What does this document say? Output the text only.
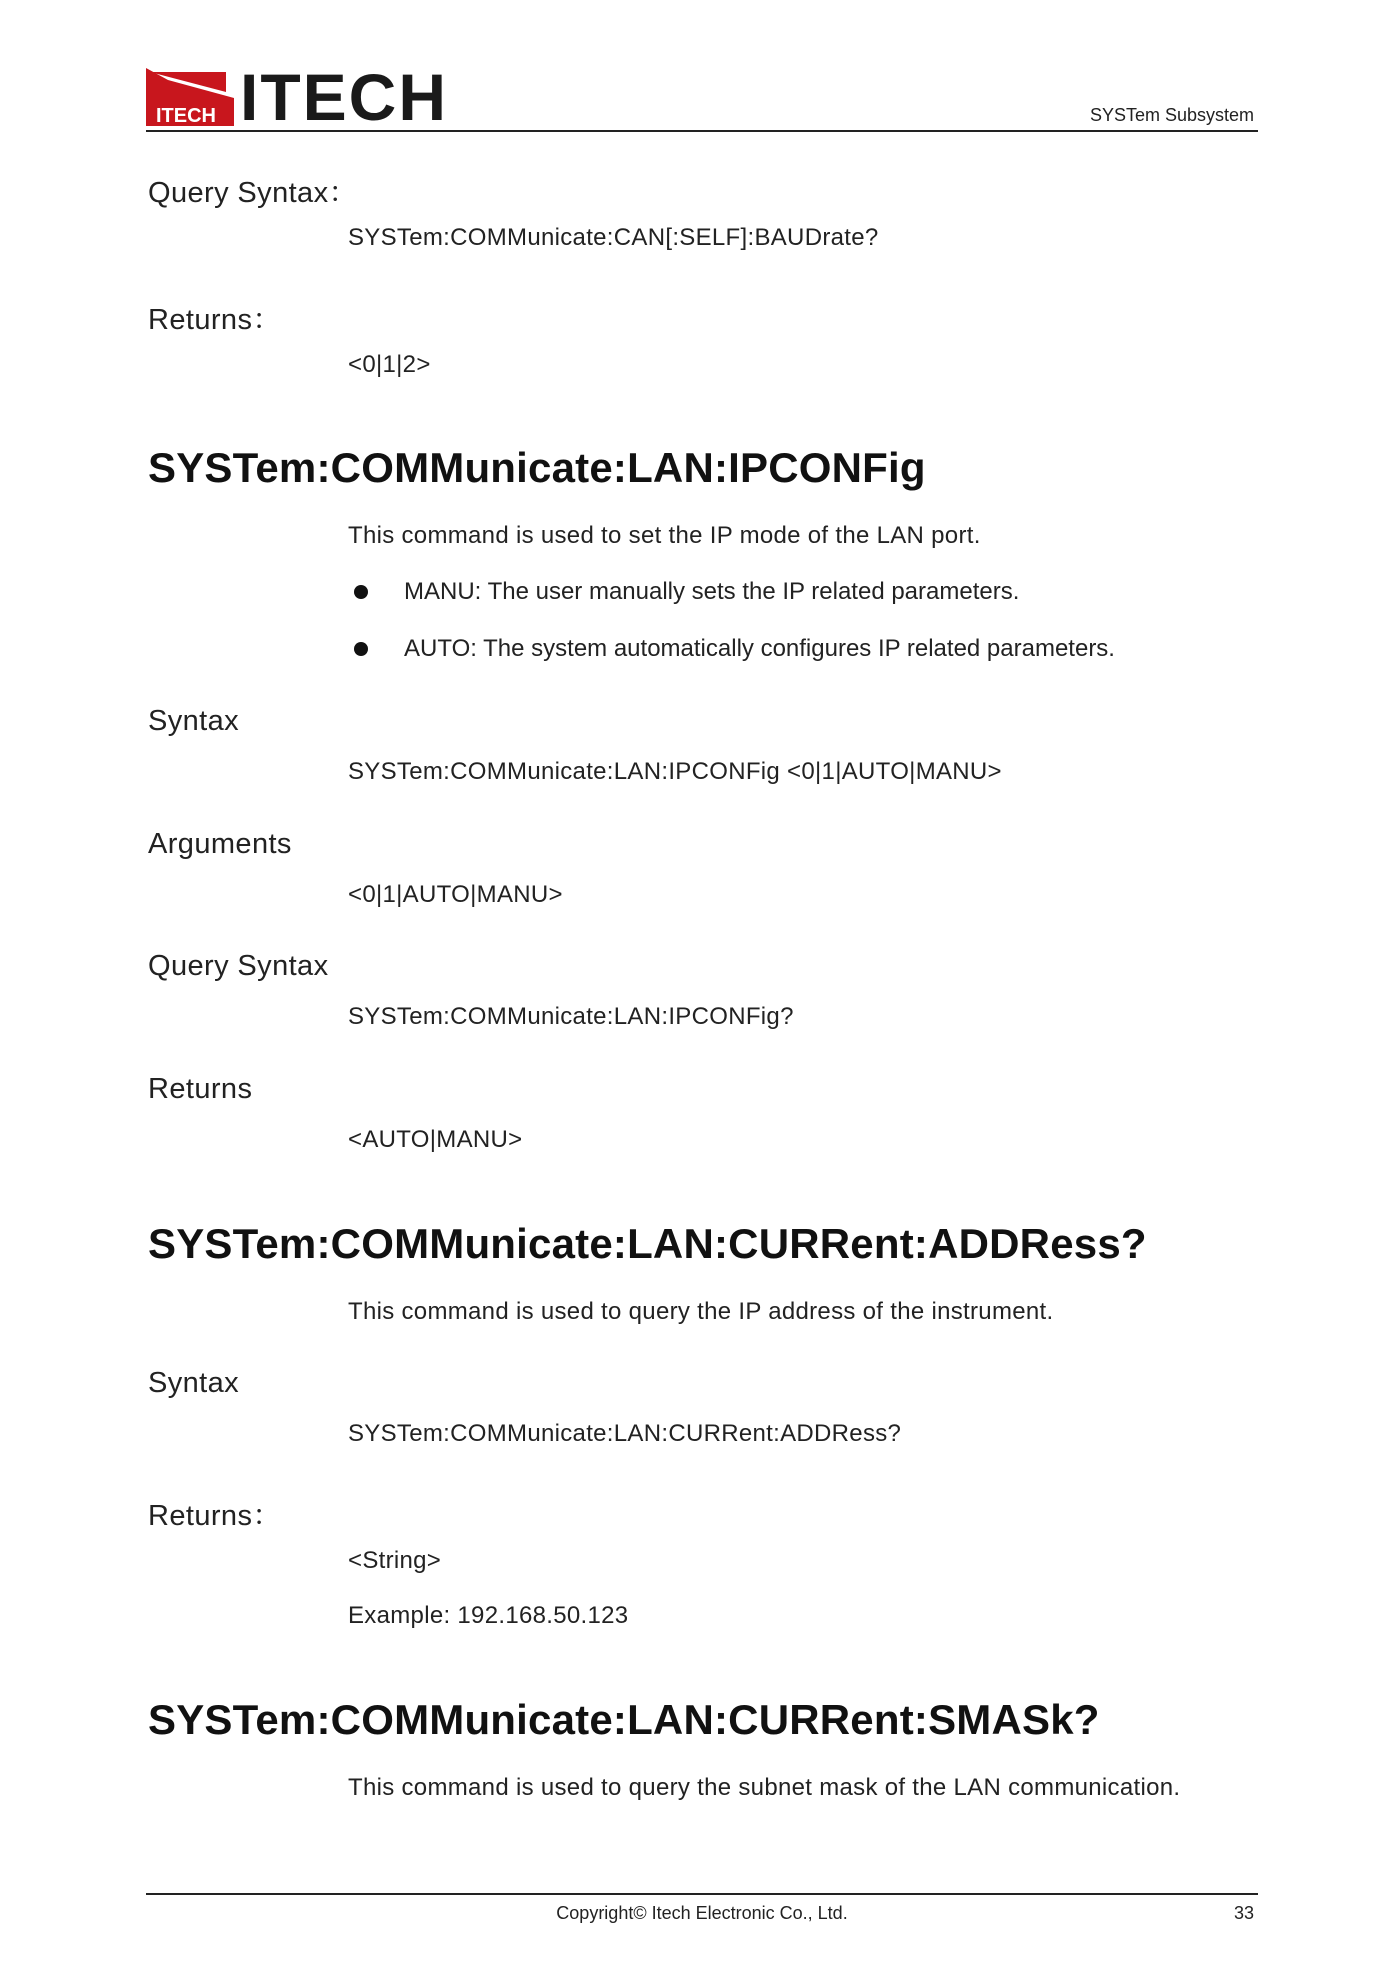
ITECH ITECH	SYSTem Subsystem
Query Syntax：
SYSTem:COMMunicate:CAN[:SELF]:BAUDrate?
Returns：
<0|1|2>
SYSTem:COMMunicate:LAN:IPCONFig
This command is used to set the IP mode of the LAN port.
MANU: The user manually sets the IP related parameters.
AUTO: The system automatically configures IP related parameters.
Syntax
SYSTem:COMMunicate:LAN:IPCONFig <0|1|AUTO|MANU>
Arguments
<0|1|AUTO|MANU>
Query Syntax
SYSTem:COMMunicate:LAN:IPCONFig?
Returns
<AUTO|MANU>
SYSTem:COMMunicate:LAN:CURRent:ADDRess?
This command is used to query the IP address of the instrument.
Syntax
SYSTem:COMMunicate:LAN:CURRent:ADDRess?
Returns：
<String>
Example: 192.168.50.123
SYSTem:COMMunicate:LAN:CURRent:SMASk?
This command is used to query the subnet mask of the LAN communication.
Copyright© Itech Electronic Co., Ltd.	33
